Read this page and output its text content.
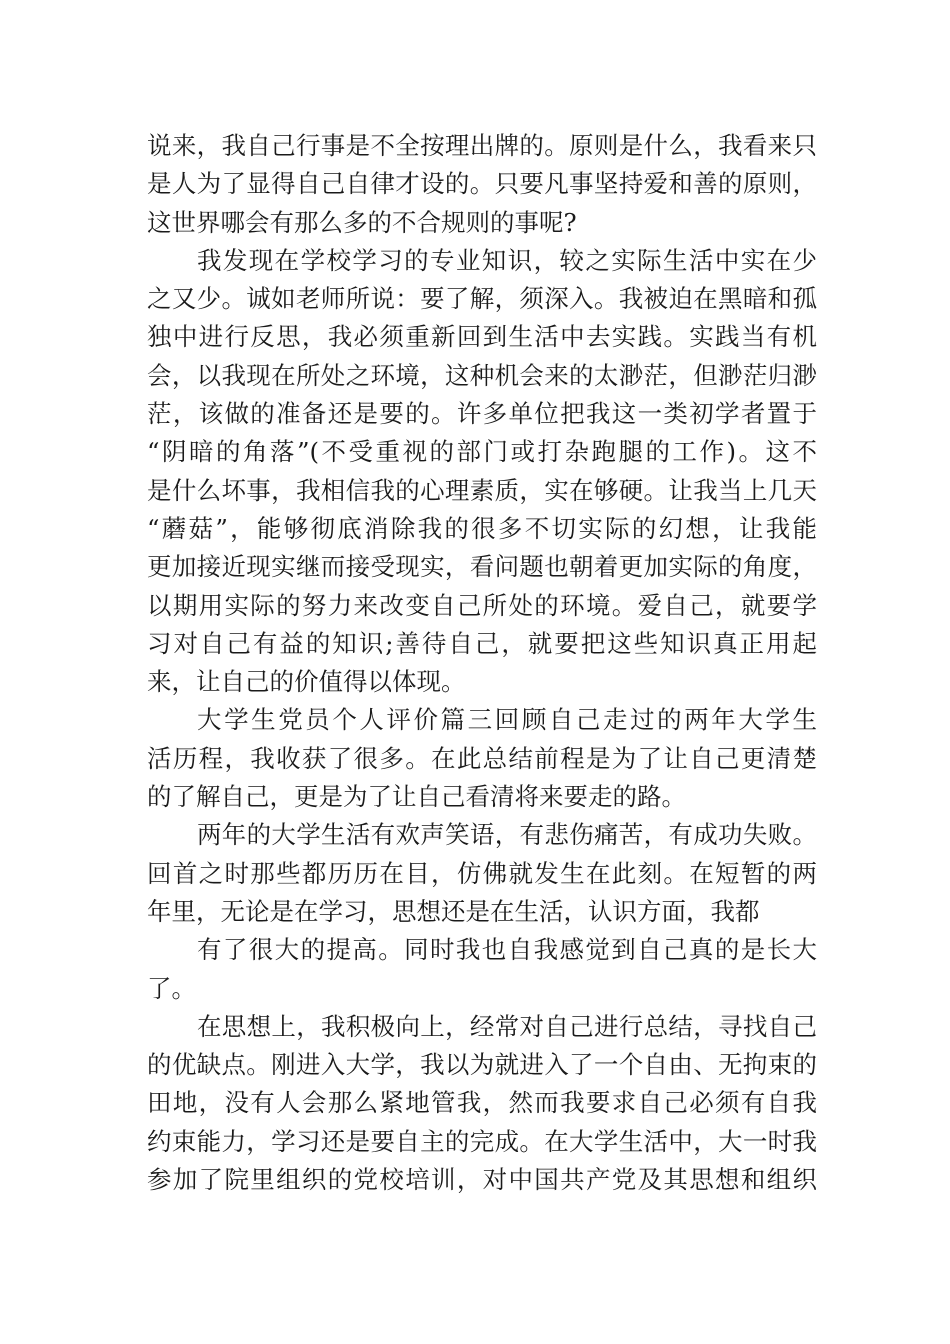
说来，我自己行事是不全按理出牌的。原则是什么，我看来只
是人为了显得自己自律才设的。只要凡事坚持爱和善的原则，
这世界哪会有那么多的不合规则的事呢?
我发现在学校学习的专业知识，较之实际生活中实在少
之又少。诚如老师所说：要了解，须深入。我被迫在黑暗和孤
独中进行反思，我必须重新回到生活中去实践。实践当有机
会，以我现在所处之环境，这种机会来的太渺茫，但渺茫归渺
茫，该做的准备还是要的。许多单位把我这一类初学者置于
“阴暗的角落”(不受重视的部门或打杂跑腿的工作)。这不
是什么坏事，我相信我的心理素质，实在够硬。让我当上几天
“蘑菇”，能够彻底消除我的很多不切实际的幻想，让我能
更加接近现实继而接受现实，看问题也朝着更加实际的角度，
以期用实际的努力来改变自己所处的环境。爱自己，就要学
习对自己有益的知识;善待自己，就要把这些知识真正用起
来，让自己的价值得以体现。
大学生党员个人评价篇三回顾自己走过的两年大学生
活历程，我收获了很多。在此总结前程是为了让自己更清楚
的了解自己，更是为了让自己看清将来要走的路。
两年的大学生活有欢声笑语，有悲伤痛苦，有成功失败。
回首之时那些都历历在目，仿佛就发生在此刻。在短暂的两
年里，无论是在学习，思想还是在生活，认识方面，我都
有了很大的提高。同时我也自我感觉到自己真的是长大
了。
在思想上，我积极向上，经常对自己进行总结，寻找自己
的优缺点。刚进入大学，我以为就进入了一个自由、无拘束的
田地，没有人会那么紧地管我，然而我要求自己必须有自我
约束能力，学习还是要自主的完成。在大学生活中，大一时我
参加了院里组织的党校培训，对中国共产党及其思想和组织
